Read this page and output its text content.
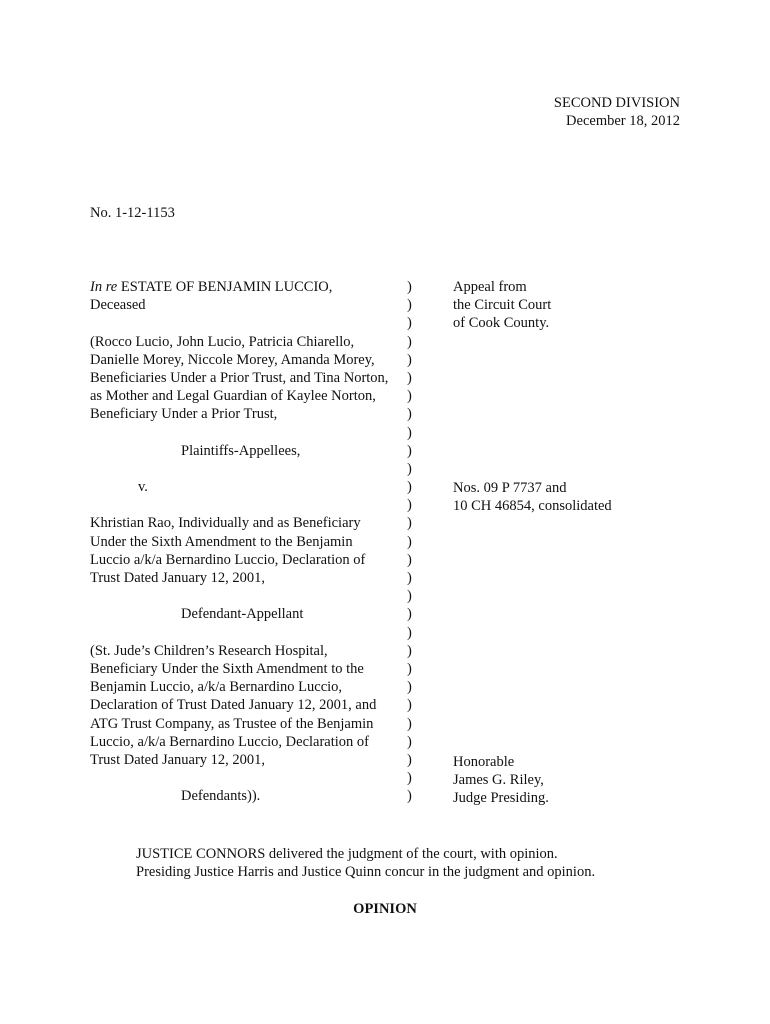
SECOND DIVISION
December 18, 2012
No. 1-12-1153
In re ESTATE OF BENJAMIN LUCCIO,
Deceased
(Rocco Lucio, John Lucio, Patricia Chiarello,
Danielle Morey, Niccole Morey, Amanda Morey,
Beneficiaries Under a Prior Trust, and Tina Norton,
as Mother and Legal Guardian of Kaylee Norton,
Beneficiary Under a Prior Trust,
Plaintiffs-Appellees,
v.
Khristian Rao, Individually and as Beneficiary
Under the Sixth Amendment to the Benjamin
Luccio a/k/a Bernardino Luccio, Declaration of
Trust Dated January 12, 2001,
Defendant-Appellant
(St. Jude’s Children’s Research Hospital,
Beneficiary Under the Sixth Amendment to the
Benjamin Luccio, a/k/a Bernardino Luccio,
Declaration of Trust Dated January 12, 2001, and
ATG Trust Company, as Trustee of the Benjamin
Luccio, a/k/a Bernardino Luccio, Declaration of
Trust Dated January 12, 2001,
Defendants)).
)
)
)
)
)
)
)
)
)
)
)
)
)
)
)
)
)
)
)
)
)
)
)
)
)
)
)
)
)
Appeal from
the Circuit Court
of Cook County.
Nos. 09 P 7737 and
10 CH 46854, consolidated
Honorable
James G. Riley,
Judge Presiding.
JUSTICE CONNORS delivered the judgment of the court, with opinion.
Presiding Justice Harris and Justice Quinn concur in the judgment and opinion.
OPINION
